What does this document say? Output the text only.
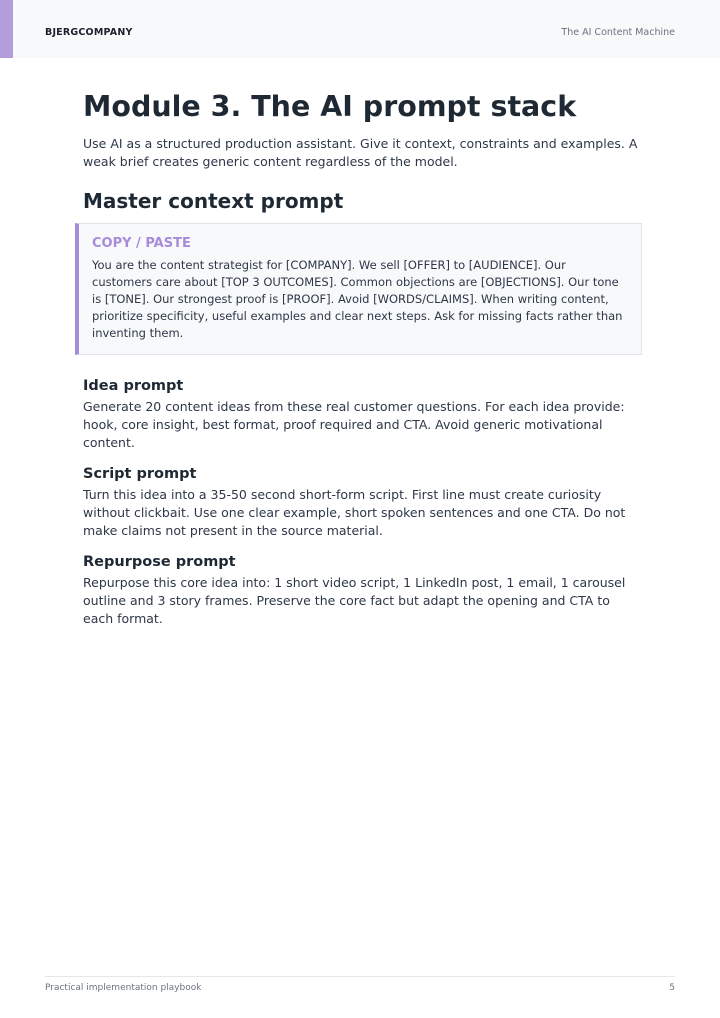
BJERGCOMPANY	The AI Content Machine
Module 3. The AI prompt stack

Use AI as a structured production assistant. Give it context, constraints and examples. A weak brief creates generic content regardless of the model.

Master context prompt
COPY / PASTE
You are the content strategist for [COMPANY]. We sell [OFFER] to [AUDIENCE]. Our customers care about [TOP 3 OUTCOMES]. Common objections are [OBJECTIONS]. Our tone is [TONE]. Our strongest proof is [PROOF]. Avoid [WORDS/CLAIMS]. When writing content, prioritize specificity, useful examples and clear next steps. Ask for missing facts rather than inventing them.
Idea prompt

Generate 20 content ideas from these real customer questions. For each idea provide: hook, core insight, best format, proof required and CTA. Avoid generic motivational content.

Script prompt

Turn this idea into a 35-50 second short-form script. First line must create curiosity without clickbait. Use one clear example, short spoken sentences and one CTA. Do not make claims not present in the source material.

Repurpose prompt

Repurpose this core idea into: 1 short video script, 1 LinkedIn post, 1 email, 1 carousel outline and 3 story frames. Preserve the core fact but adapt the opening and CTA to each format.

Practical implementation playbook	5
